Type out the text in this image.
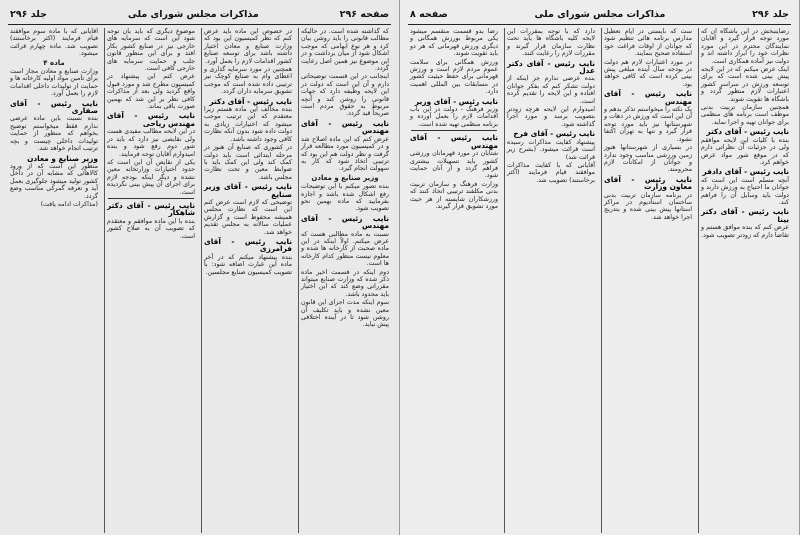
صفحه ۲۹۶
مذاکرات مجلس شورای ملی
جلد ۲۹۶

که گذاشته شده است. در حالیکه مطالب قانونی را باید روشن بیان کرد و هر نوع ابهامی که موجب اشکال شود از میان برداشت و در این موضوع نیز همین اصل رعایت گردد.

اینجانب در این قسمت توضیحاتی دارم و آن این است که دولت در این لایحه وظیفه دارد که جهات قانونی را روشن کند و آنچه مربوط به حقوق مردم است صریحاً قید گردد.

نایب رئیس - آقای مهندس

عرض کنم که این ماده اصلاح شد و در کمیسیون مورد مطالعه قرار گرفت و نظر دولت هم این بود که ترتیبی اتخاذ شود که کار به سهولت انجام گیرد.

وزیر صنایع و معادن

بنده تصور میکنم با این توضیحات رفع اشکال شده باشد و اجازه بفرمایید که ماده بهمین نحو تصویب شود.

نایب رئیس - آقای مهندس

نسبت به ماده مطالبی هست که عرض میکنم. اولاً اینکه در این ماده صحبت از کارخانه ها شده و معلوم نیست منظور کدام کارخانه ها است.

دوم اینکه در قسمت اخیر ماده ذکر شده که وزارت صنایع میتواند مقرراتی وضع کند که این اختیار باید محدود باشد.

سوم اینکه مدت اجرای این قانون معین نشده و باید تکلیف آن روشن شود تا در آینده اختلافی پیش نیاید.

در خصوص این ماده باید عرض کنم که نظر کمیسیون این بود که وزارت صنایع و معادن اختیار داشته باشد برای توسعه صنایع کشور اقدامات لازم را بعمل آورد.

همچنین در مورد سرمایه گذاری و اعطای وام به صنایع کوچک نیز ترتیبی داده شده است که موجب تشویق سرمایه داران گردد.

نایب رئیس - آقای دکتر

بنده مخالف این ماده هستم زیرا معتقدم که این ترتیب موجب میشود که اختیارات زیادی به دولت داده شود بدون آنکه نظارت کافی وجود داشته باشد.

در کشوری که صنایع آن هنوز در مرحله ابتدائی است باید دولت کمک کند ولی این کمک باید با ضوابط معین و تحت نظارت مجلس باشد.

نایب رئیس - آقای وزیر صنایع

توضیحی که لازم است عرض کنم این است که نظارت مجلس همیشه محفوظ است و گزارش عملیات سالانه به مجلس تقدیم خواهد شد.

نایب رئیس - آقای فرامرزی

بنده پیشنهاد میکنم که در آخر ماده این عبارت اضافه شود: با تصویب کمیسیون صنایع مجلسین.

موضوع دیگری که باید بآن توجه شود این است که سرمایه های خارجی نیز در صنایع کشور بکار افتد و برای این منظور قانون جلب و حمایت سرمایه های خارجی کافی است.

عرض کنم این پیشنهاد در کمیسیون مطرح شد و مورد قبول واقع گردید ولی بعد از مذاکرات کافی نظر بر این شد که بهمین صورت باقی بماند.

نایب رئیس - آقای مهندس ریاحی

در این لایحه مطالب مفیدی هست ولی نقایصی نیز دارد که باید در شور دوم رفع شود و بنده امیدوارم آقایان توجه فرمایند.

یکی از نقایص آن این است که حدود اختیارات وزارتخانه معین نشده و دیگر اینکه بودجه لازم برای اجرای آن پیش بینی نگردیده است.

نایب رئیس - آقای دکتر شاهکار

بنده با این ماده موافقم و معتقدم که تصویب آن به صلاح کشور است.

آقایانی که با ماده سوم موافقند قیام فرمایند (اکثر برخاستند) تصویب شد. ماده چهارم قرائت میشود.

ماده ۴

وزارت صنایع و معادن مجاز است برای تأمین مواد اولیه کارخانه ها و حمایت از تولیدات داخلی اقدامات لازم را بعمل آورد.

نایب رئیس - آقای صفاری

بنده نسبت باین ماده عرضی ندارم فقط میخواستم توضیح بخواهم که منظور از حمایت تولیدات داخلی چیست و بچه ترتیب انجام خواهد شد.

وزیر صنایع و معادن

منظور این است که از ورود کالاهائی که مشابه آن در داخل کشور تولید میشود جلوگیری بعمل آید و تعرفه گمرکی مناسب وضع گردد.

(مذاکرات ادامه یافت)

جلد ۲۹۶
مذاکرات مجلس شورای ملی
صفحه ۸

رضایتبخش در این باشگاه آن که مورد توجه قرار گیرد و آقایان نمایندگان محترم در این مورد نظرات خود را ابراز داشته اند و دولت نیز آماده همکاری است.

اینک عرض میکنم که در این لایحه پیش بینی شده است که برای توسعه ورزش در سراسر کشور اعتبارات لازم منظور گردد و باشگاه ها تقویت شوند.

همچنین سازمان تربیت بدنی موظف است برنامه های منظمی برای جوانان تهیه و اجرا نماید.

نایب رئیس - آقای دکتر

بنده با کلیات این لایحه موافقم ولی در جزئیات آن نظراتی دارم که در موقع شور مواد عرض خواهم کرد.

نایب رئیس - آقای دادفر

آنچه مسلم است این است که جوانان ما احتیاج به ورزش دارند و دولت باید وسایل آن را فراهم کند.

نایب رئیس - آقای دکتر بینا

عرض کنم که بنده موافق هستم و تقاضا دارم که زودتر تصویب شود.

ست که بایستی در ایام تعطیل مدارس برنامه هائی تنظیم شود که جوانان از اوقات فراغت خود استفاده صحیح بنمایند.

در مورد اعتبارات لازم هم دولت در بودجه سال آینده مبلغی پیش بینی کرده است که کافی خواهد بود.

نایب رئیس - آقای مهندس

یک نکته را میخواستم تذکر بدهم و آن این است که ورزش در دهات و شهرستانها نیز باید مورد توجه قرار گیرد و تنها به تهران اکتفا نشود.

در بسیاری از شهرستانها هنوز زمین ورزشی مناسب وجود ندارد و جوانان از امکانات لازم محرومند.

نایب رئیس - آقای معاون وزارت

در برنامه سازمان تربیت بدنی ساختمان استادیوم در مراکز استانها پیش بینی شده و بتدریج اجرا خواهد شد.

دارد که با توجه بمقررات این لایحه کلیه باشگاه ها باید تحت نظارت سازمان قرار گیرند و مقررات لازم را رعایت کنند.

نایب رئیس - آقای دکتر عدل

بنده عرضی ندارم جز اینکه از دولت تشکر کنم که بفکر جوانان افتاده و این لایحه را تقدیم کرده است.

امیدوارم این لایحه هرچه زودتر بتصویب برسد و مورد اجرا گذاشته شود.

نایب رئیس - آقای فرخ

پیشنهاد کفایت مذاکرات رسیده است قرائت میشود. (بشرح زیر قرائت شد)

آقایانی که با کفایت مذاکرات موافقند قیام فرمایند (اکثر برخاستند) تصویب شد.

رضا بدو قسمت منقسم میشود یکی مربوط بورزش همگانی و دیگری ورزش قهرمانی که هر دو باید تقویت شوند.

ورزش همگانی برای سلامت عموم مردم لازم است و ورزش قهرمانی برای حفظ حیثیت کشور در مسابقات بین المللی اهمیت دارد.

نایب رئیس - آقای وزیر

وزیر فرهنگ - دولت در این باب اقدامات لازم را بعمل آورده و برنامه منظمی تهیه شده است.

نایب رئیس - آقای مهندس

شتابان در مورد قهرمانان ورزشی کشور باید تسهیلات بیشتری فراهم گردد و از آنان حمایت شود.

وزارت فرهنگ و سازمان تربیت بدنی مکلفند ترتیبی اتخاذ کنند که ورزشکاران شایسته از هر حیث مورد تشویق قرار گیرند.
